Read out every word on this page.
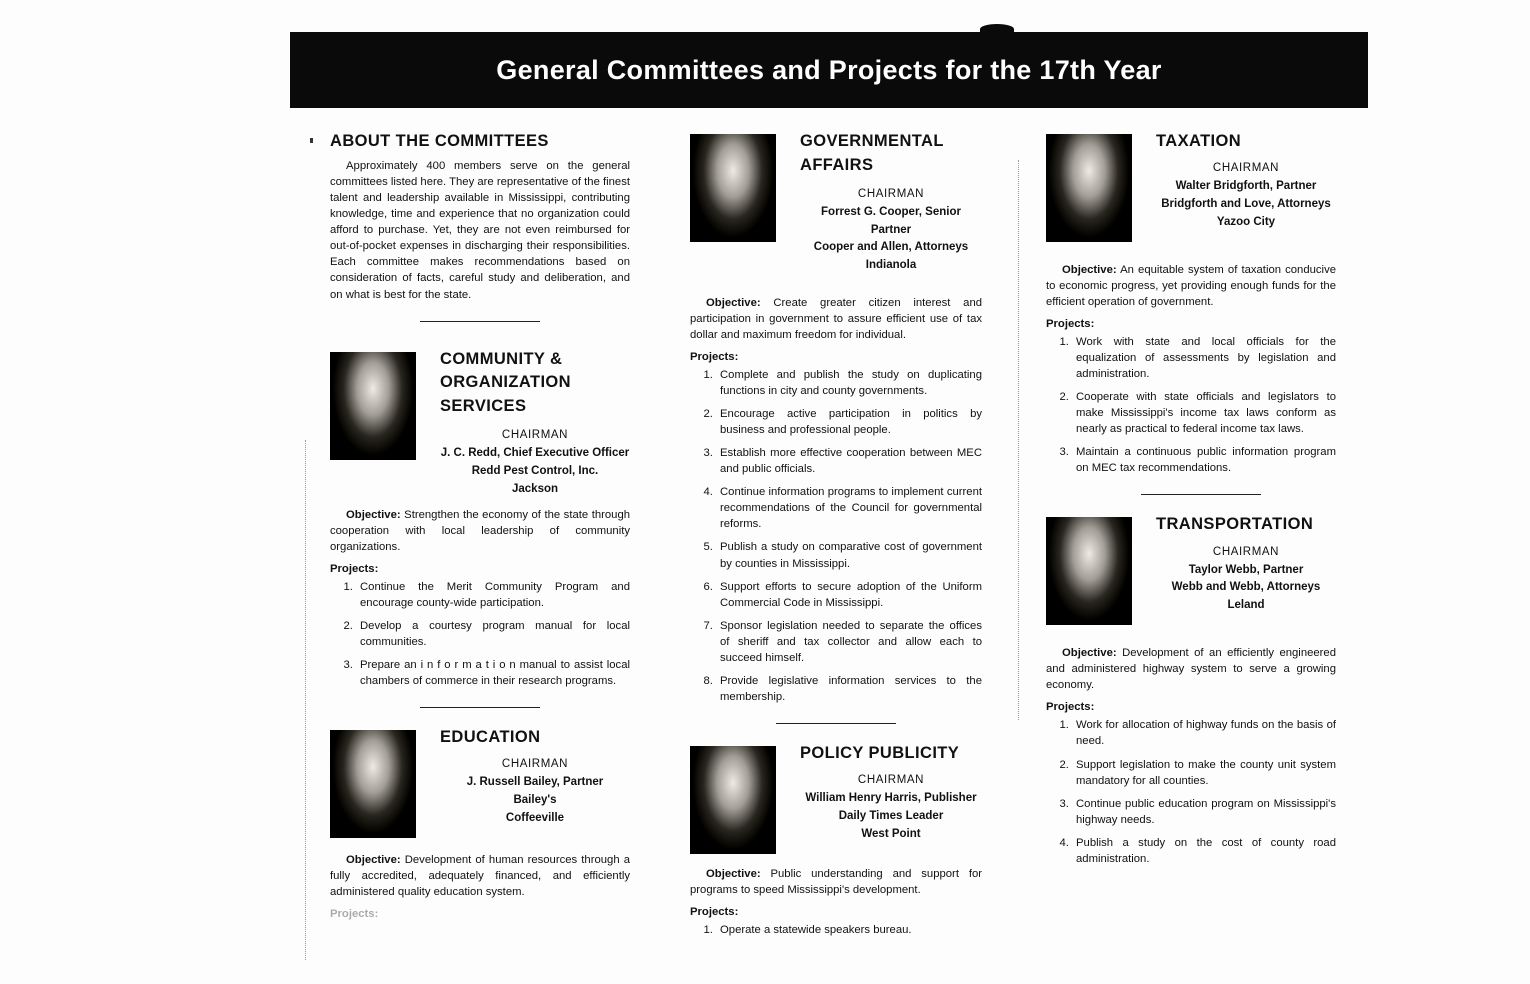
General Committees and Projects for the 17th Year
ABOUT THE COMMITTEES

Approximately 400 members serve on the general committees listed here. They are representative of the finest talent and leadership available in Mississippi, contributing knowledge, time and experience that no organization could afford to purchase. Yet, they are not even reimbursed for out-of-pocket expenses in discharging their responsibilities. Each committee makes recommendations based on consideration of facts, careful study and deliberation, and on what is best for the state.

COMMUNITY &
ORGANIZATION
SERVICES
CHAIRMAN
J. C. Redd, Chief Executive Officer
Redd Pest Control, Inc.
Jackson

Objective: Strengthen the economy of the state through cooperation with local leadership of community organizations.

Projects:
1. Continue the Merit Community Program and encourage county-wide participation.
2. Develop a courtesy program manual for local communities.
3. Prepare an i n f o r m a t i o n manual to assist local chambers of commerce in their research programs.
EDUCATION
CHAIRMAN
J. Russell Bailey, Partner
Bailey's
Coffeeville

Objective: Development of human resources through a fully accredited, adequately financed, and efficiently administered quality education system.

Projects:
GOVERNMENTAL
AFFAIRS
CHAIRMAN
Forrest G. Cooper, Senior Partner
Cooper and Allen, Attorneys
Indianola

Objective: Create greater citizen interest and participation in government to assure efficient use of tax dollar and maximum freedom for individual.

Projects:
1. Complete and publish the study on duplicating functions in city and county governments.
2. Encourage active participation in politics by business and professional people.
3. Establish more effective cooperation between MEC and public officials.
4. Continue information programs to implement current recommendations of the Council for governmental reforms.
5. Publish a study on comparative cost of government by counties in Mississippi.
6. Support efforts to secure adoption of the Uniform Commercial Code in Mississippi.
7. Sponsor legislation needed to separate the offices of sheriff and tax collector and allow each to succeed himself.
8. Provide legislative information services to the membership.
POLICY PUBLICITY
CHAIRMAN
William Henry Harris, Publisher
Daily Times Leader
West Point

Objective: Public understanding and support for programs to speed Mississippi's development.

Projects:
1. Operate a statewide speakers bureau.
TAXATION
CHAIRMAN
Walter Bridgforth, Partner
Bridgforth and Love, Attorneys
Yazoo City

Objective: An equitable system of taxation conducive to economic progress, yet providing enough funds for the efficient operation of government.

Projects:
1. Work with state and local officials for the equalization of assessments by legislation and administration.
2. Cooperate with state officials and legislators to make Mississippi's income tax laws conform as nearly as practical to federal income tax laws.
3. Maintain a continuous public information program on MEC tax recommendations.
TRANSPORTATION
CHAIRMAN
Taylor Webb, Partner
Webb and Webb, Attorneys
Leland

Objective: Development of an efficiently engineered and administered highway system to serve a growing economy.

Projects:
1. Work for allocation of highway funds on the basis of need.
2. Support legislation to make the county unit system mandatory for all counties.
3. Continue public education program on Mississippi's highway needs.
4. Publish a study on the cost of county road administration.
